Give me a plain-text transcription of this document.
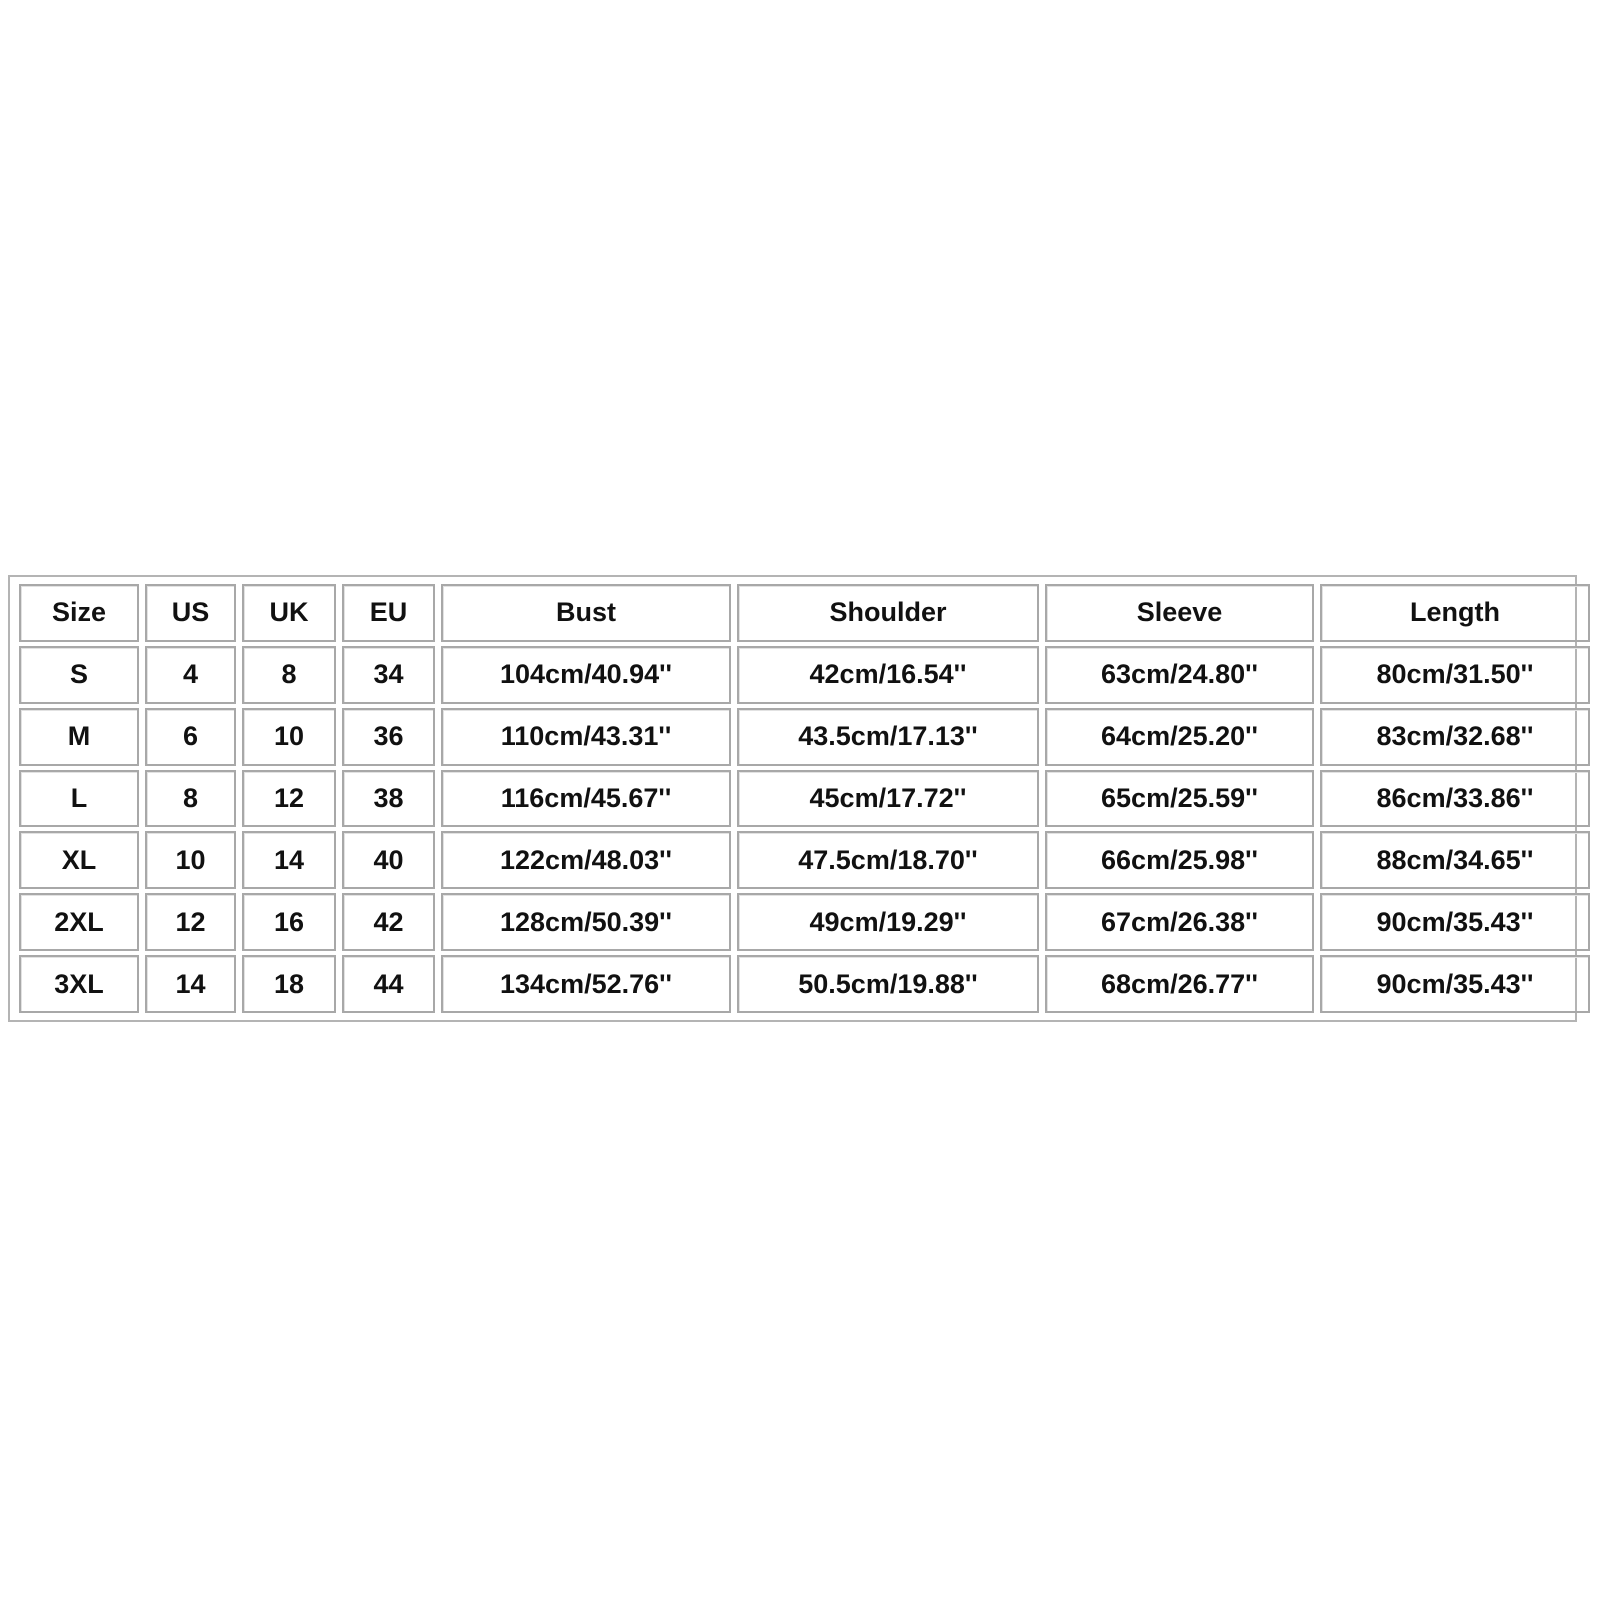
Size	US	UK	EU	Bust	Shoulder	Sleeve	Length
S	4	8	34	104cm/40.94''	42cm/16.54''	63cm/24.80''	80cm/31.50''
M	6	10	36	110cm/43.31''	43.5cm/17.13''	64cm/25.20''	83cm/32.68''
L	8	12	38	116cm/45.67''	45cm/17.72''	65cm/25.59''	86cm/33.86''
XL	10	14	40	122cm/48.03''	47.5cm/18.70''	66cm/25.98''	88cm/34.65''
2XL	12	16	42	128cm/50.39''	49cm/19.29''	67cm/26.38''	90cm/35.43''
3XL	14	18	44	134cm/52.76''	50.5cm/19.88''	68cm/26.77''	90cm/35.43''
